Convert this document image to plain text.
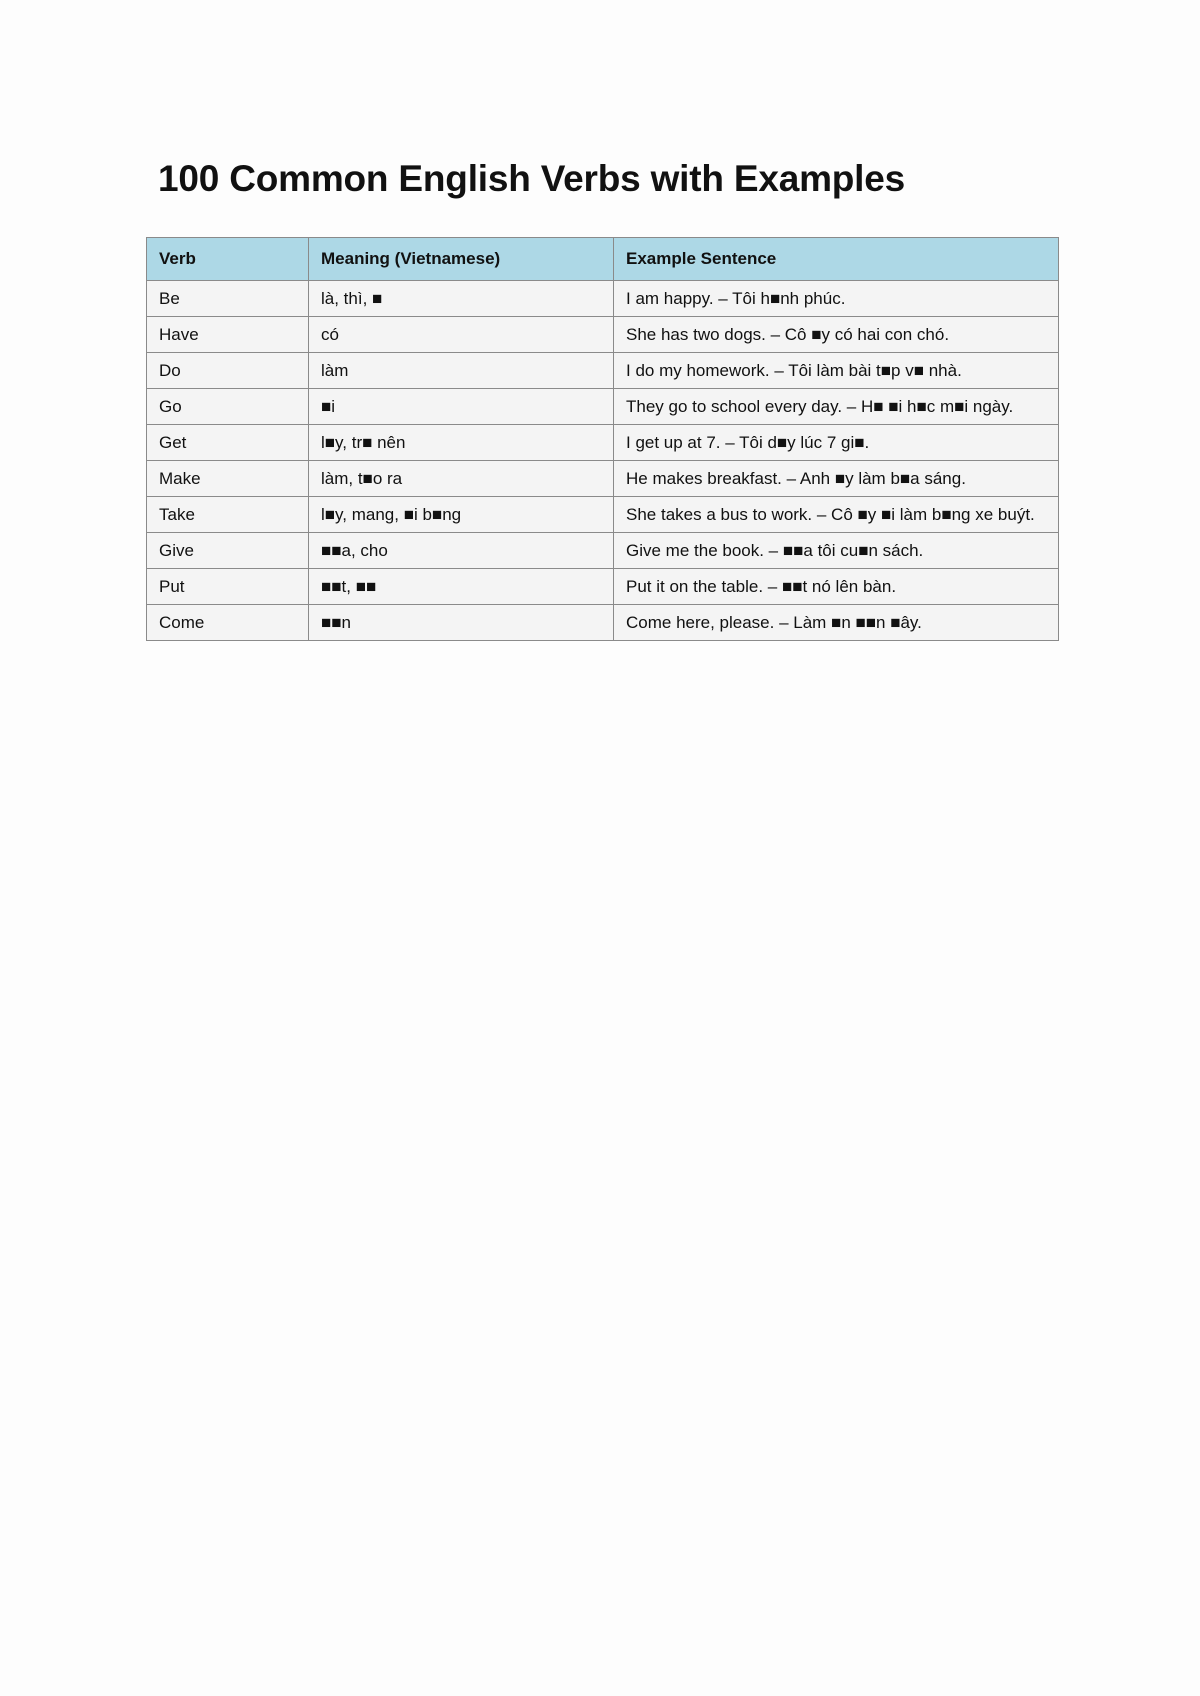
100 Common English Verbs with Examples
Verb	Meaning (Vietnamese)	Example Sentence
Be	là, thì, ■	I am happy. – Tôi h■nh phúc.
Have	có	She has two dogs. – Cô ■y có hai con chó.
Do	làm	I do my homework. – Tôi làm bài t■p v■ nhà.
Go	■i	They go to school every day. – H■ ■i h■c m■i ngày.
Get	l■y, tr■ nên	I get up at 7. – Tôi d■y lúc 7 gi■.
Make	làm, t■o ra	He makes breakfast. – Anh ■y làm b■a sáng.
Take	l■y, mang, ■i b■ng	She takes a bus to work. – Cô ■y ■i làm b■ng xe buýt.
Give	■■a, cho	Give me the book. – ■■a tôi cu■n sách.
Put	■■t, ■■	Put it on the table. – ■■t nó lên bàn.
Come	■■n	Come here, please. – Làm ■n ■■n ■ây.
